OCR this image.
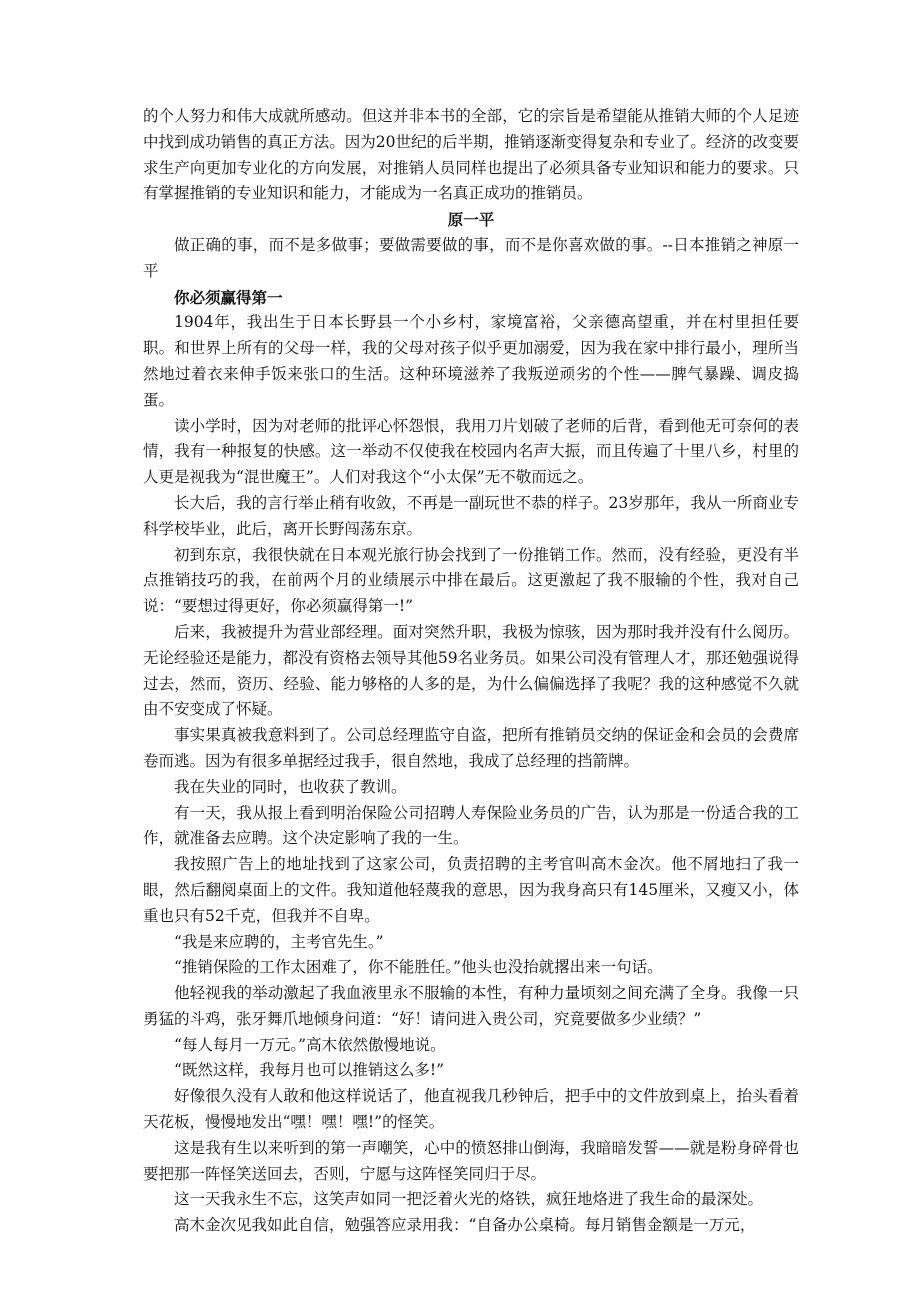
的个人努力和伟大成就所感动。但这并非本书的全部，它的宗旨是希望能从推销大师的个人足迹中找到成功销售的真正方法。因为20世纪的后半期，推销逐渐变得复杂和专业了。经济的改变要求生产向更加专业化的方向发展，对推销人员同样也提出了必须具备专业知识和能力的要求。只有掌握推销的专业知识和能力，才能成为一名真正成功的推销员。

原一平

做正确的事，而不是多做事；要做需要做的事，而不是你喜欢做的事。--日本推销之神原一平

你必须赢得第一

1904年，我出生于日本长野县一个小乡村，家境富裕，父亲德高望重，并在村里担任要职。和世界上所有的父母一样，我的父母对孩子似乎更加溺爱，因为我在家中排行最小，理所当然地过着衣来伸手饭来张口的生活。这种环境滋养了我叛逆顽劣的个性——脾气暴躁、调皮捣蛋。

读小学时，因为对老师的批评心怀怨恨，我用刀片划破了老师的后背，看到他无可奈何的表情，我有一种报复的快感。这一举动不仅使我在校园内名声大振，而且传遍了十里八乡，村里的人更是视我为“混世魔王”。人们对我这个“小太保”无不敬而远之。

长大后，我的言行举止稍有收敛，不再是一副玩世不恭的样子。23岁那年，我从一所商业专科学校毕业，此后，离开长野闯荡东京。

初到东京，我很快就在日本观光旅行协会找到了一份推销工作。然而，没有经验，更没有半点推销技巧的我，在前两个月的业绩展示中排在最后。这更激起了我不服输的个性，我对自己说：“要想过得更好，你必须赢得第一!”

后来，我被提升为营业部经理。面对突然升职，我极为惊骇，因为那时我并没有什么阅历。无论经验还是能力，都没有资格去领导其他59名业务员。如果公司没有管理人才，那还勉强说得过去，然而，资历、经验、能力够格的人多的是，为什么偏偏选择了我呢？我的这种感觉不久就由不安变成了怀疑。

事实果真被我意料到了。公司总经理监守自盗，把所有推销员交纳的保证金和会员的会费席卷而逃。因为有很多单据经过我手，很自然地，我成了总经理的挡箭牌。

我在失业的同时，也收获了教训。

有一天，我从报上看到明治保险公司招聘人寿保险业务员的广告，认为那是一份适合我的工作，就准备去应聘。这个决定影响了我的一生。

我按照广告上的地址找到了这家公司，负责招聘的主考官叫高木金次。他不屑地扫了我一眼，然后翻阅桌面上的文件。我知道他轻蔑我的意思，因为我身高只有145厘米，又瘦又小，体重也只有52千克，但我并不自卑。

“我是来应聘的，主考官先生。”

“推销保险的工作太困难了，你不能胜任。”他头也没抬就撂出来一句话。

他轻视我的举动激起了我血液里永不服输的本性，有种力量顷刻之间充满了全身。我像一只勇猛的斗鸡，张牙舞爪地倾身问道：“好！请问进入贵公司，究竟要做多少业绩？”

“每人每月一万元。”高木依然傲慢地说。

“既然这样，我每月也可以推销这么多!”

好像很久没有人敢和他这样说话了，他直视我几秒钟后，把手中的文件放到桌上，抬头看着天花板，慢慢地发出“嘿！嘿！嘿!”的怪笑。

这是我有生以来听到的第一声嘲笑，心中的愤怒排山倒海，我暗暗发誓——就是粉身碎骨也要把那一阵怪笑送回去，否则，宁愿与这阵怪笑同归于尽。

这一天我永生不忘，这笑声如同一把泛着火光的烙铁，疯狂地烙进了我生命的最深处。

高木金次见我如此自信，勉强答应录用我：“自备办公桌椅。每月销售金额是一万元，
